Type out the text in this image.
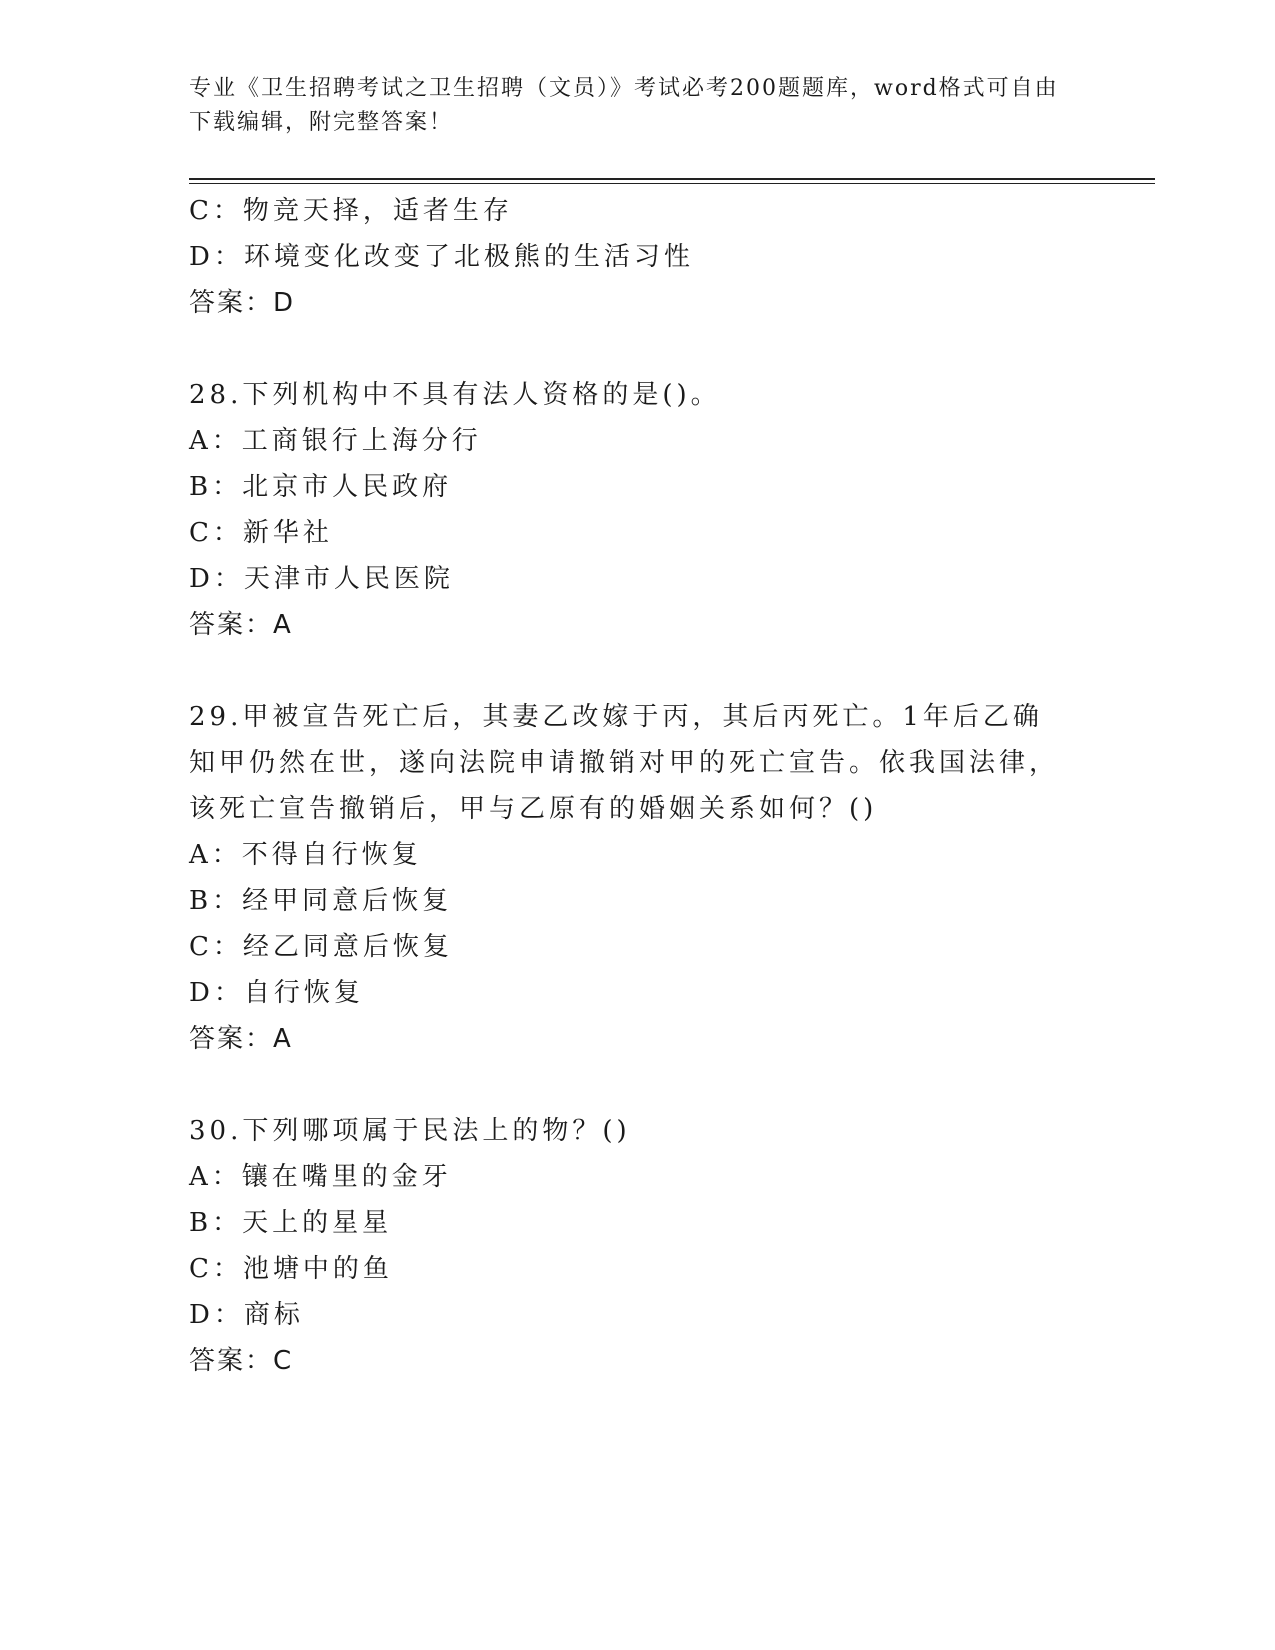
专业《卫生招聘考试之卫生招聘（文员）》考试必考200题题库，word格式可自由下载编辑，附完整答案！
C：物竞天择，适者生存
D：环境变化改变了北极熊的生活习性
答案：D
28.下列机构中不具有法人资格的是()。
A：工商银行上海分行
B：北京市人民政府
C：新华社
D：天津市人民医院
答案：A
29.甲被宣告死亡后，其妻乙改嫁于丙，其后丙死亡。1年后乙确知甲仍然在世，遂向法院申请撤销对甲的死亡宣告。依我国法律，该死亡宣告撤销后，甲与乙原有的婚姻关系如何？()
A：不得自行恢复
B：经甲同意后恢复
C：经乙同意后恢复
D：自行恢复
答案：A
30.下列哪项属于民法上的物？()
A：镶在嘴里的金牙
B：天上的星星
C：池塘中的鱼
D：商标
答案：C
